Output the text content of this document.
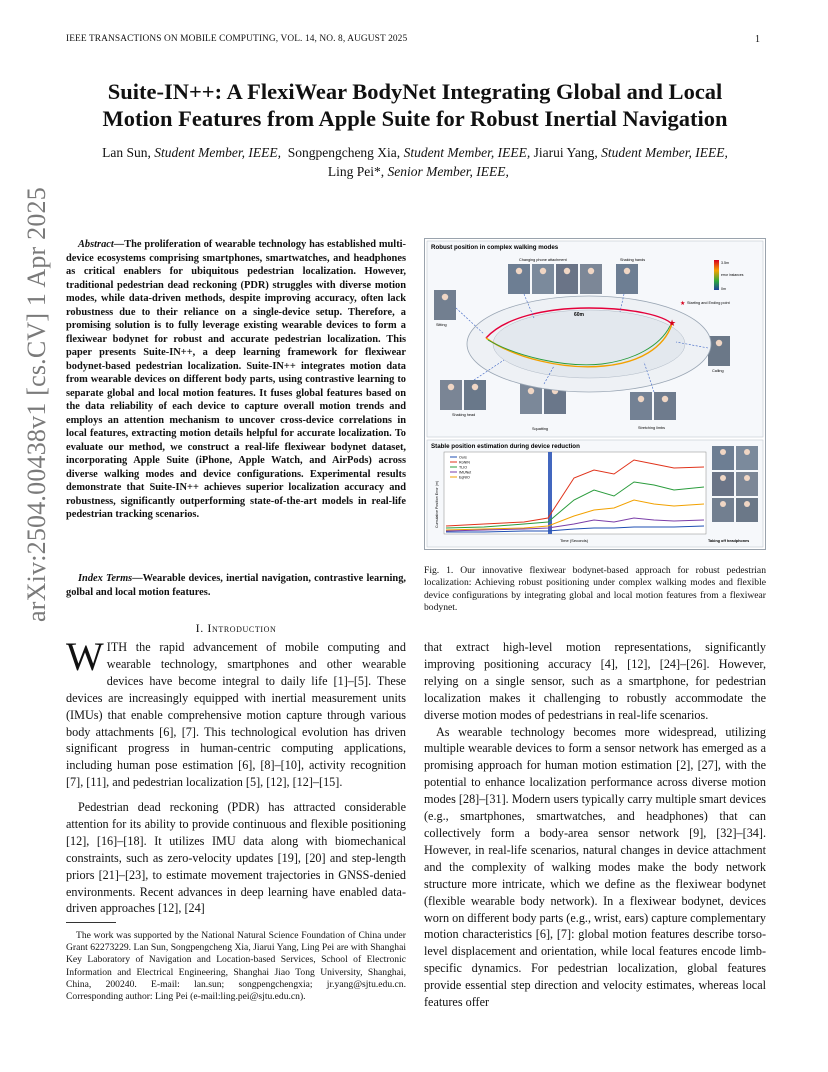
IEEE TRANSACTIONS ON MOBILE COMPUTING, VOL. 14, NO. 8, AUGUST 2025	1
Suite-IN++: A FlexiWear BodyNet Integrating Global and Local
Motion Features from Apple Suite for Robust Inertial Navigation
Lan Sun, Student Member, IEEE, Songpengcheng Xia, Student Member, IEEE, Jiarui Yang, Student Member, IEEE,
Ling Pei*, Senior Member, IEEE,
arXiv:2504.00438v1 [cs.CV] 1 Apr 2025	Abstract—The proliferation of wearable technology has established multi-device ecosystems comprising smartphones, smartwatches, and headphones as critical enablers for ubiquitous pedestrian localization. However, traditional pedestrian dead reckoning (PDR) struggles with diverse motion modes, while data-driven methods, despite improving accuracy, often lack robustness due to their reliance on a single-device setup. Therefore, a promising solution is to fully leverage existing wearable devices to form a flexiwear bodynet for robust and accurate pedestrian localization. This paper presents Suite-IN++, a deep learning framework for flexiwear bodynet-based pedestrian localization. Suite-IN++ integrates motion data from wearable devices on different body parts, using contrastive learning to separate global and local motion features. It fuses global features based on the data reliability of each device to capture overall motion trends and employs an attention mechanism to uncover cross-device correlations in local features, extracting motion details helpful for accurate localization. To evaluate our method, we construct a real-life flexiwear bodynet dataset, incorporating Apple Suite (iPhone, Apple Watch, and AirPods) across diverse walking modes and device configurations. Experimental results demonstrate that Suite-IN++ achieves superior localization accuracy and robustness, significantly outperforming state-of-the-art models in real-life pedestrian tracking scenarios.
Index Terms—Wearable devices, inertial navigation, contrastive learning, golbal and local motion features.
I. Introduction
WITH the rapid advancement of mobile computing and wearable technology, smartphones and other wearable devices have become integral to daily life [1]–[5]. These devices are increasingly equipped with inertial measurement units (IMUs) that enable comprehensive motion capture through various body attachments [6], [7]. This technological evolution has driven significant progress in human-centric computing applications, including human pose estimation [6], [8]–[10], activity recognition [7], [11], and pedestrian localization [5], [12], [12]–[15].
Pedestrian dead reckoning (PDR) has attracted considerable attention for its ability to provide continuous and flexible positioning [12], [16]–[18]. It utilizes IMU data along with biomechanical constraints, such as zero-velocity updates [19], [20] and step-length priors [21]–[23], to estimate movement trajectories in GNSS-denied environments. Recent advances in deep learning have enabled data-driven approaches [12], [24]
The work was supported by the National Natural Science Foundation of China under Grant 62273229. Lan Sun, Songpengcheng Xia, Jiarui Yang, Ling Pei are with Shanghai Key Laboratory of Navigation and Location-based Services, School of Electronic Information and Electrical Engineering, Shanghai Jiao Tong University, Shanghai, China, 200240. E-mail: lan.sun; songpengchengxia; jr.yang@sjtu.edu.cn. Corresponding author: Ling Pei (e-mail:ling.pei@sjtu.edu.cn).
Robust position in complex walking modes
Changing phone attachment	Shaking hands
60m
★
★ Starting and Ending point
3.5m
error instances
0m
Sitting
Calling
Shaking head
Squatting	Stretching limbs
Stable position estimation during device reduction
Ours
RoNIN
TLIO
IMUNet
EqNIO
Cumulative Position Error (m)
Time (Seconds)	Taking off headphones
Fig. 1. Our innovative flexiwear bodynet-based approach for robust pedestrian localization: Achieving robust positioning under complex walking modes and flexible device configurations by integrating global and local motion features from a flexiwear bodynet.

that extract high-level motion representations, significantly improving positioning accuracy [4], [12], [24]–[26]. However, relying on a single sensor, such as a smartphone, for pedestrian localization makes it challenging to robustly accommodate the diverse motion modes of pedestrians in real-life scenarios.

As wearable technology becomes more widespread, utilizing multiple wearable devices to form a sensor network has emerged as a promising approach for human motion estimation [2], [27], with the potential to enhance localization performance across diverse motion modes [28]–[31]. Modern users typically carry multiple smart devices (e.g., smartphones, smartwatches, and headphones) that can collectively form a body-area sensor network [9], [32]–[34]. However, in real-life scenarios, natural changes in device attachment and the complexity of walking modes make the body network structure more intricate, which we define as the flexiwear bodynet (flexible wearable body network). In a flexiwear bodynet, devices worn on different body parts (e.g., wrist, ears) capture complementary motion characteristics [6], [7]: global motion features describe torso-level displacement and orientation, while local features encode limb-specific dynamics. For pedestrian localization, global features provide essential step direction and velocity estimates, whereas local features offer
